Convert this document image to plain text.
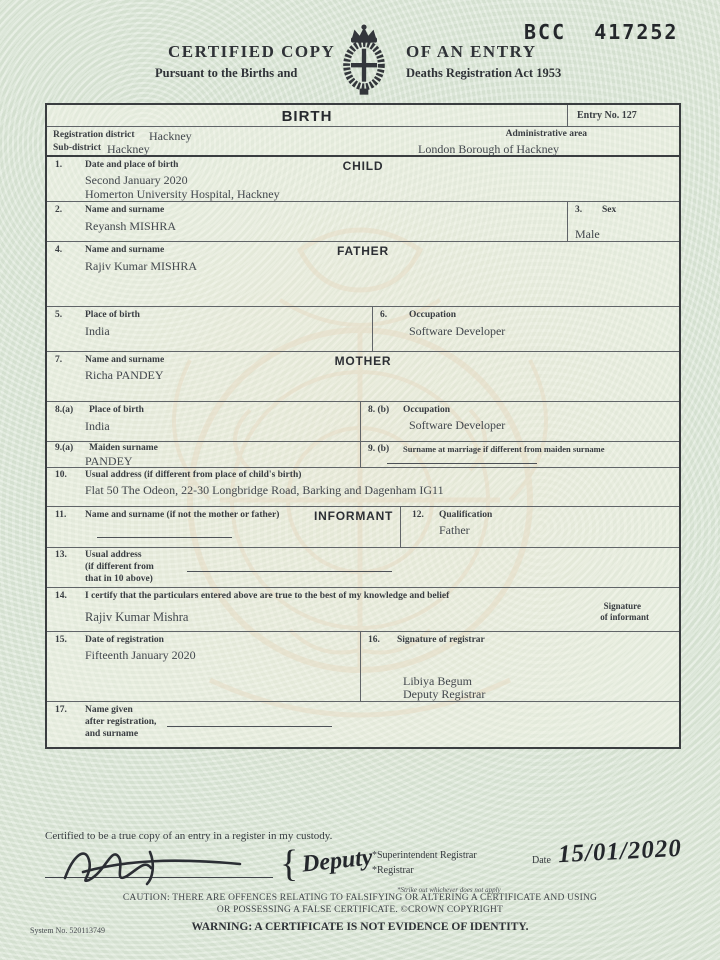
BCC 417252
CERTIFIED COPY
Pursuant to the Births and
OF AN ENTRY
Deaths Registration Act 1953
BIRTH	Entry No. 127
Registration district Hackney
Sub-district Hackney
Administrative area
London Borough of Hackney
1. Date and place of birth	CHILD
Second January 2020
Homerton University Hospital, Hackney
2. Name and surname
Reyansh MISHRA
3. Sex
Male
4. Name and surname	FATHER
Rajiv Kumar MISHRA
5. Place of birth
India
6. Occupation
Software Developer
7. Name and surname	MOTHER
Richa PANDEY
8.(a) Place of birth
India
8. (b) Occupation
Software Developer
9.(a) Maiden surname
PANDEY
9. (b) Surname at marriage if different from maiden surname
10. Usual address (if different from place of child's birth)
Flat 50 The Odeon, 22-30 Longbridge Road, Barking and Dagenham IG11
11. Name and surname (if not the mother or father)	INFORMANT 12. Qualification
Father
13. Usual address
(if different from
that in 10 above)
14. I certify that the particulars entered above are true to the best of my knowledge and belief
Rajiv Kumar Mishra
Signature
of informant
15. Date of registration
Fifteenth January 2020
16. Signature of registrar
Libiya Begum
Deputy Registrar
17. Name given
after registration,
and surname
Certified to be a true copy of an entry in a register in my custody.
{ Deputy
*Superintendent Registrar
*Registrar
*Strike out whichever does not apply
Date 15/01/2020
CAUTION: THERE ARE OFFENCES RELATING TO FALSIFYING OR ALTERING A CERTIFICATE AND USING
OR POSSESSING A FALSE CERTIFICATE. ©CROWN COPYRIGHT
System No. 520113749	WARNING: A CERTIFICATE IS NOT EVIDENCE OF IDENTITY.
